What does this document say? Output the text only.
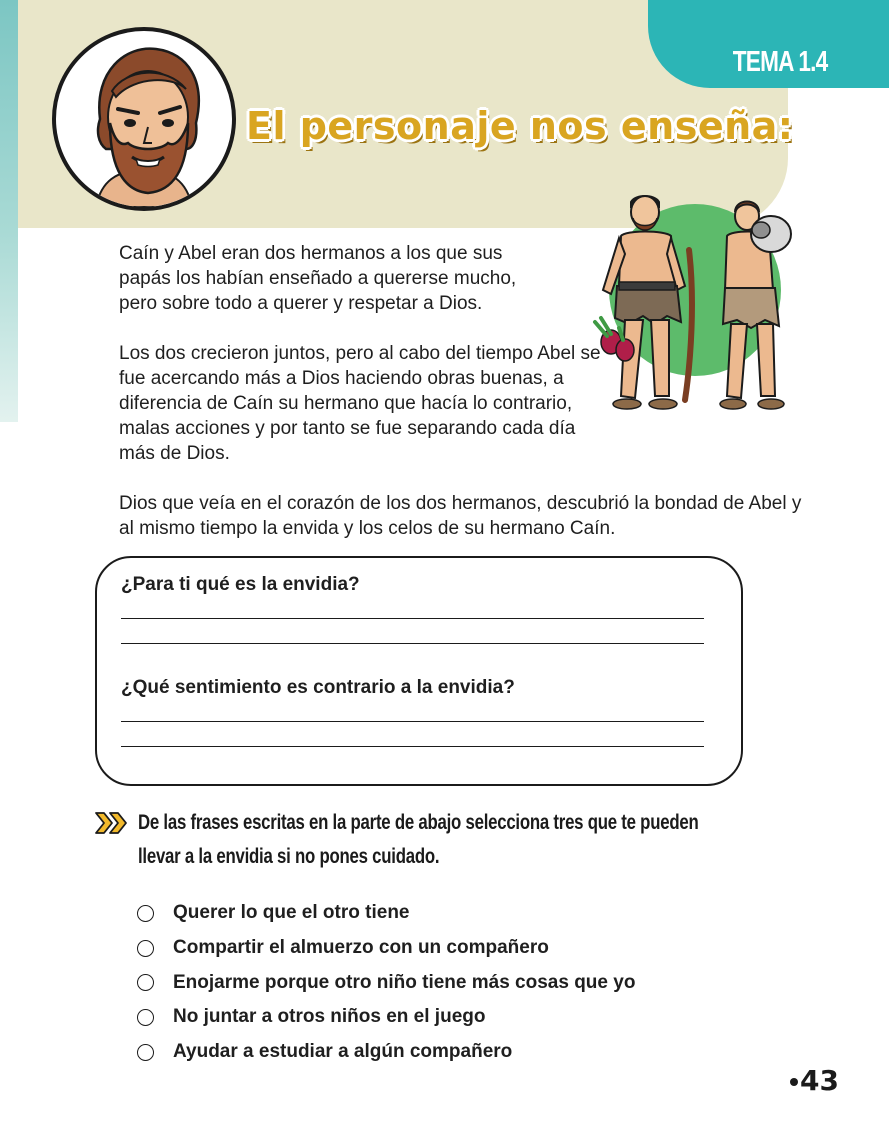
TEMA 1.4
El personaje nos enseña:

Caín y Abel eran dos hermanos a los que sus papás los habían enseñado a quererse mucho, pero sobre todo a querer y respetar a Dios.

Los dos crecieron juntos, pero al cabo del tiempo Abel se fue acercando más a Dios haciendo obras buenas, a diferencia de Caín su hermano que hacía lo contrario, malas acciones y por tanto se fue separando cada día más de Dios.

Dios que veía en el corazón de los dos hermanos, descubrió la bondad de Abel y al mismo tiempo la envida y los celos de su hermano Caín.

¿Para ti qué es la envidia?
¿Qué sentimiento es contrario a la envidia?

De las frases escritas en la parte de abajo selecciona tres que te pueden llevar a la envidia si no pones cuidado.

Querer lo que el otro tiene
Compartir el almuerzo con un compañero
Enojarme porque otro niño tiene más cosas que yo
No juntar a otros niños en el juego
Ayudar a estudiar a algún compañero
43
